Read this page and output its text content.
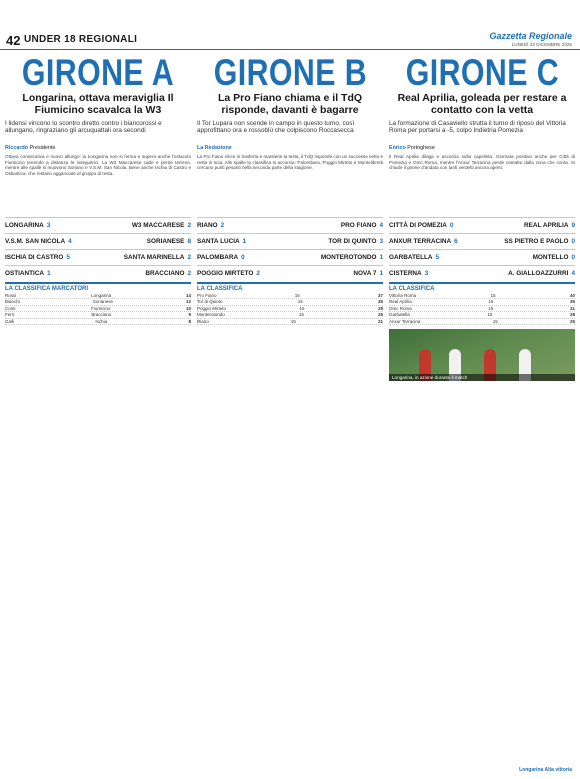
42 UNDER 18 REGIONALI	Gazzetta Regionale
LUNEDÌ 22 DICEMBRE 2025
GIRONE A
Longarina, ottava meraviglia Il Fiumicino scavalca la W3
I lidensi vincono lo scontro diretto contro i biancorossi e allungano, ringraziano gli arcuquattali ora secondi
Riccardo Presidente
Ottava consecutiva e nuovo allungo: la Longarina non si ferma e supera anche l'ostacolo Fiumicino tenendo a distanza le inseguitrici. La W3 Maccarese cade e perde terreno, mentre alle spalle si muovono Soriano e V.S.M. San Nicola. Bene anche Ischia di Castro e Ostiantica, che restano agganciate al gruppo di testa.
LONGARINA 3	W3 MACCARESE 2
V.S.M. SAN NICOLA 4	SORIANESE 8
ISCHIA DI CASTRO 5	SANTA MARINELLA 2
OSTIANTICA 1	BRACCIANO 2
LA CLASSIFICA MARCATORI
Rossi	Longarina	14
Bianchi	Sorianese	12
Conti	Fiumicino	10
Ferri	Bracciano	9
Galli	Ischia	8
GIRONE B
La Pro Fiano chiama e il TdQ risponde, davanti è bagarre
Il Tor Lupara non scende in campo in questo turno, così approfittano ora e rossoblù che colpiscono Roccasecca
La Redazione
La Pro Fiano vince in trasferta e mantiene la testa, il TdQ risponde con un successo netto e resta in scia. Alle spalle la classifica si accorcia: Palombara, Poggio Mirteto e Montelibretti cercano punti pesanti nella seconda parte della stagione.
RIANO 2	PRO FIANO 4
SANTA LUCIA 1	TOR DI QUINTO 3
PALOMBARA 0	MONTEROTONDO 1
POGGIO MIRTETO 2	NOVA 7 1
LA CLASSIFICA
Pro Fiano	15	37
Tor di Quinto	15	35
Poggio Mirteto	15	29
Monterotondo	15	26
Riano	15	21
GIRONE C
Real Aprilia, goleada per restare a contatto con la vetta
La formazione di Casaviello strutta il turno di riposo del Vittoria Roma per portarsi a -5, colpo Indietria Pomezia
Enrico Portoghese
Il Real Aprilia dilaga e accorcia sulla capolista. Giornata positiva anche per Città di Pomezia e Omc Roma, mentre l'Anxur Terracina perde contatto dalla zona che conta. Si chiude il girone d'andata con tanti verdetti ancora aperti.
CITTÀ DI POMEZIA 0	REAL APRILIA 9
ANXUR TERRACINA 6	SS PIETRO E PAOLO 0
GARBATELLA 5	MONTELLO 0
CISTERNA 3	A. GIALLOAZZURRI 4
LA CLASSIFICA
Vittoria Roma	15	40
Real Aprilia	15	35
Omc Roma	15	31
Garbatella	15	28
Anxur Terracina	15	25
Longarina, in azione durante il match
Longarina Alta vittoria
